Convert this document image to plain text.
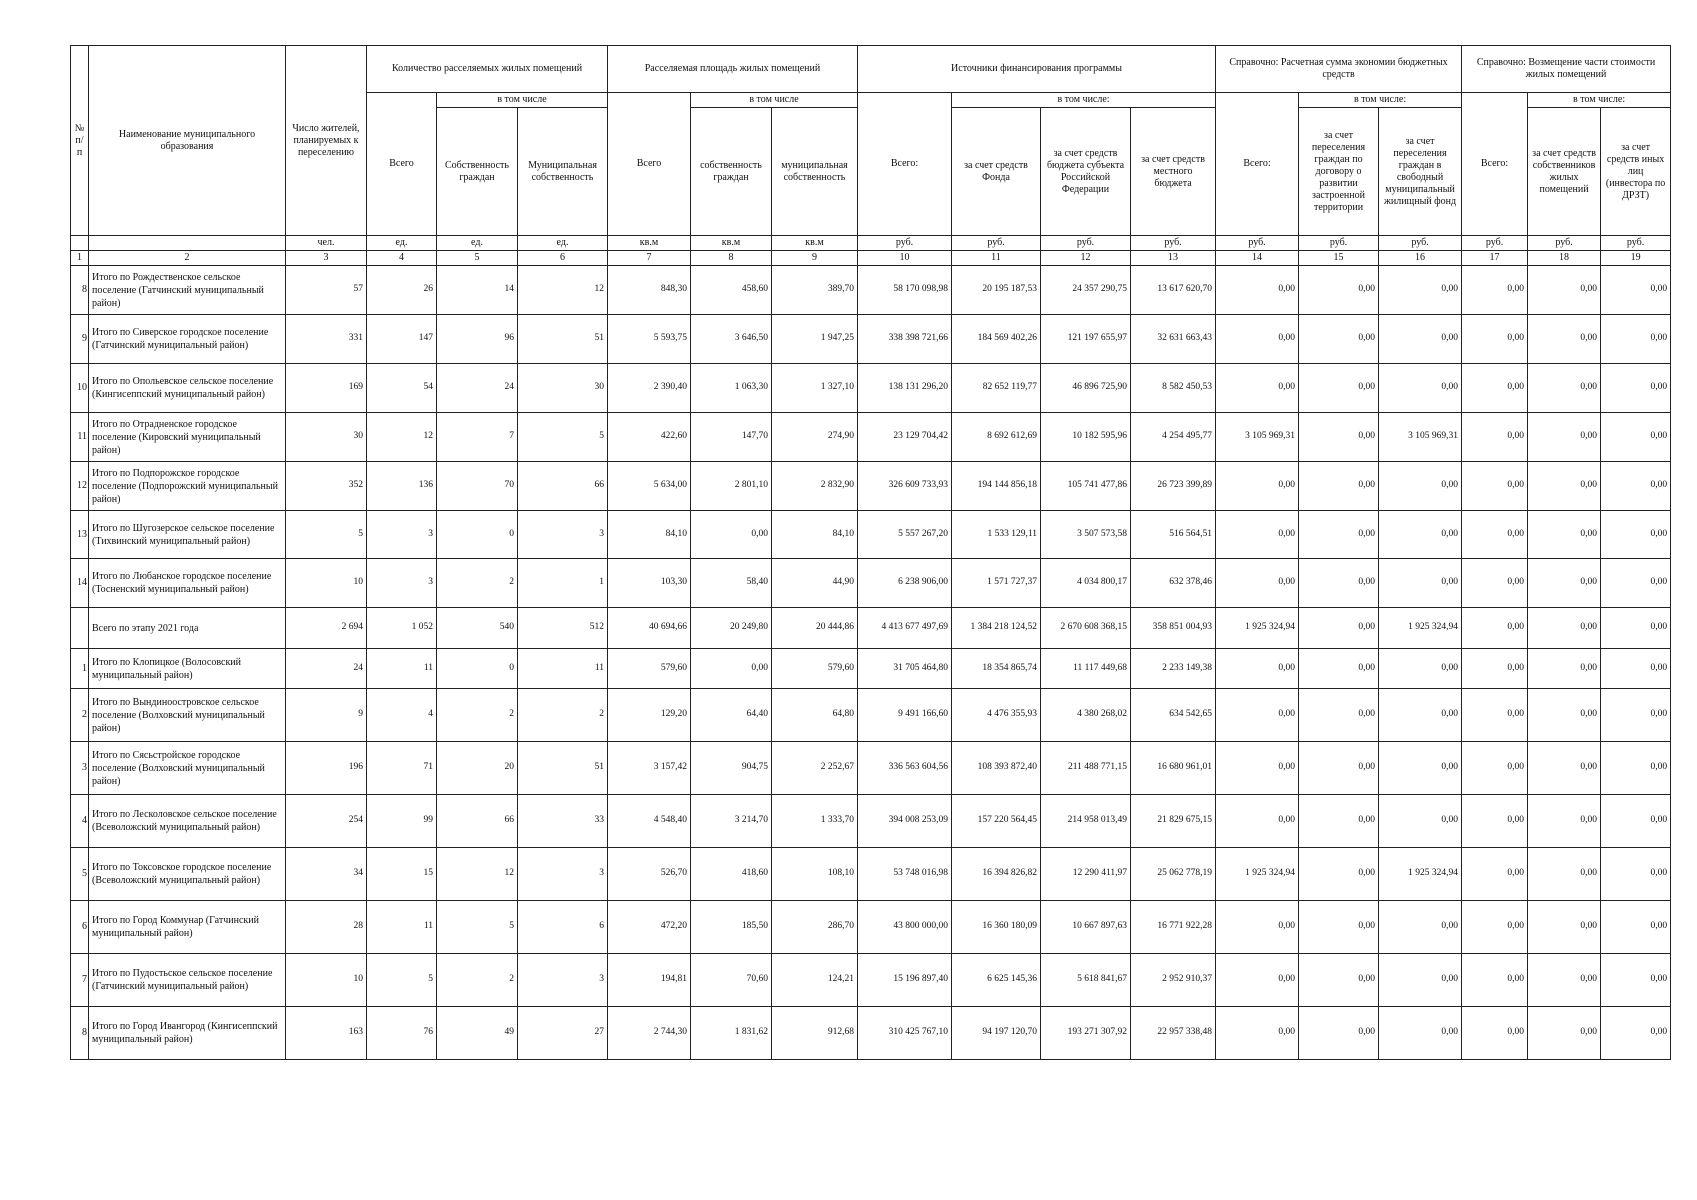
№ п/п	Наименование муниципального образования	Число жителей, планируемых к переселению	Количество расселяемых жилых помещений			Расселяемая площадь жилых помещений			Источники финансирования программы				Справочно: Расчетная сумма экономии бюджетных средств			Справочно: Возмещение части стоимости жилых помещений		
			Всего	в том числе		Всего	в том числе		Всего:	в том числе:			Всего:	в том числе:		Всего:	в том числе:	
				Собственность граждан	Муниципальная собственность		собственность граждан	муниципальная собственность		за счет средств Фонда	за счет средств бюджета субъекта Российской Федерации	за счет средств местного бюджета		за счет переселения граждан по договору о развитии застроенной территории	за счет переселения граждан в свободный муниципальный жилищный фонд		за счет средств собственников жилых помещений	за счет средств иных лиц (инвестора по ДРЗТ)
		чел.	ед.	ед.	ед.	кв.м	кв.м	кв.м	руб.	руб.	руб.	руб.	руб.	руб.	руб.	руб.	руб.	руб.
1	2	3	4	5	6	7	8	9	10	11	12	13	14	15	16	17	18	19
8	Итого по Рождественское сельское поселение (Гатчинский муниципальный район)	57	26	14	12	848,30	458,60	389,70	58 170 098,98	20 195 187,53	24 357 290,75	13 617 620,70	0,00	0,00	0,00	0,00	0,00	0,00
9	Итого по Сиверское городское поселение (Гатчинский муниципальный район)	331	147	96	51	5 593,75	3 646,50	1 947,25	338 398 721,66	184 569 402,26	121 197 655,97	32 631 663,43	0,00	0,00	0,00	0,00	0,00	0,00
10	Итого по Опольевское сельское поселение (Кингисеппский муниципальный район)	169	54	24	30	2 390,40	1 063,30	1 327,10	138 131 296,20	82 652 119,77	46 896 725,90	8 582 450,53	0,00	0,00	0,00	0,00	0,00	0,00
11	Итого по Отрадненское городское поселение (Кировский муниципальный район)	30	12	7	5	422,60	147,70	274,90	23 129 704,42	8 692 612,69	10 182 595,96	4 254 495,77	3 105 969,31	0,00	3 105 969,31	0,00	0,00	0,00
12	Итого по Подпорожское городское поселение (Подпорожский муниципальный район)	352	136	70	66	5 634,00	2 801,10	2 832,90	326 609 733,93	194 144 856,18	105 741 477,86	26 723 399,89	0,00	0,00	0,00	0,00	0,00	0,00
13	Итого по Шугозерское сельское поселение (Тихвинский муниципальный район)	5	3	0	3	84,10	0,00	84,10	5 557 267,20	1 533 129,11	3 507 573,58	516 564,51	0,00	0,00	0,00	0,00	0,00	0,00
14	Итого по Любанское городское поселение (Тосненский муниципальный район)	10	3	2	1	103,30	58,40	44,90	6 238 906,00	1 571 727,37	4 034 800,17	632 378,46	0,00	0,00	0,00	0,00	0,00	0,00
	Всего по этапу 2021 года	2 694	1 052	540	512	40 694,66	20 249,80	20 444,86	4 413 677 497,69	1 384 218 124,52	2 670 608 368,15	358 851 004,93	1 925 324,94	0,00	1 925 324,94	0,00	0,00	0,00
1	Итого по Клопицкое (Волосовский муниципальный район)	24	11	0	11	579,60	0,00	579,60	31 705 464,80	18 354 865,74	11 117 449,68	2 233 149,38	0,00	0,00	0,00	0,00	0,00	0,00
2	Итого по Вындиноостровское сельское поселение (Волховский муниципальный район)	9	4	2	2	129,20	64,40	64,80	9 491 166,60	4 476 355,93	4 380 268,02	634 542,65	0,00	0,00	0,00	0,00	0,00	0,00
3	Итого по Сясьстройское городское поселение (Волховский муниципальный район)	196	71	20	51	3 157,42	904,75	2 252,67	336 563 604,56	108 393 872,40	211 488 771,15	16 680 961,01	0,00	0,00	0,00	0,00	0,00	0,00
4	Итого по Лесколовское сельское поселение (Всеволожский муниципальный район)	254	99	66	33	4 548,40	3 214,70	1 333,70	394 008 253,09	157 220 564,45	214 958 013,49	21 829 675,15	0,00	0,00	0,00	0,00	0,00	0,00
5	Итого по Токсовское городское поселение (Всеволожский муниципальный район)	34	15	12	3	526,70	418,60	108,10	53 748 016,98	16 394 826,82	12 290 411,97	25 062 778,19	1 925 324,94	0,00	1 925 324,94	0,00	0,00	0,00
6	Итого по Город Коммунар (Гатчинский муниципальный район)	28	11	5	6	472,20	185,50	286,70	43 800 000,00	16 360 180,09	10 667 897,63	16 771 922,28	0,00	0,00	0,00	0,00	0,00	0,00
7	Итого по Пудостьское сельское поселение (Гатчинский муниципальный район)	10	5	2	3	194,81	70,60	124,21	15 196 897,40	6 625 145,36	5 618 841,67	2 952 910,37	0,00	0,00	0,00	0,00	0,00	0,00
8	Итого по Город Ивангород (Кингисеппский муниципальный район)	163	76	49	27	2 744,30	1 831,62	912,68	310 425 767,10	94 197 120,70	193 271 307,92	22 957 338,48	0,00	0,00	0,00	0,00	0,00	0,00
